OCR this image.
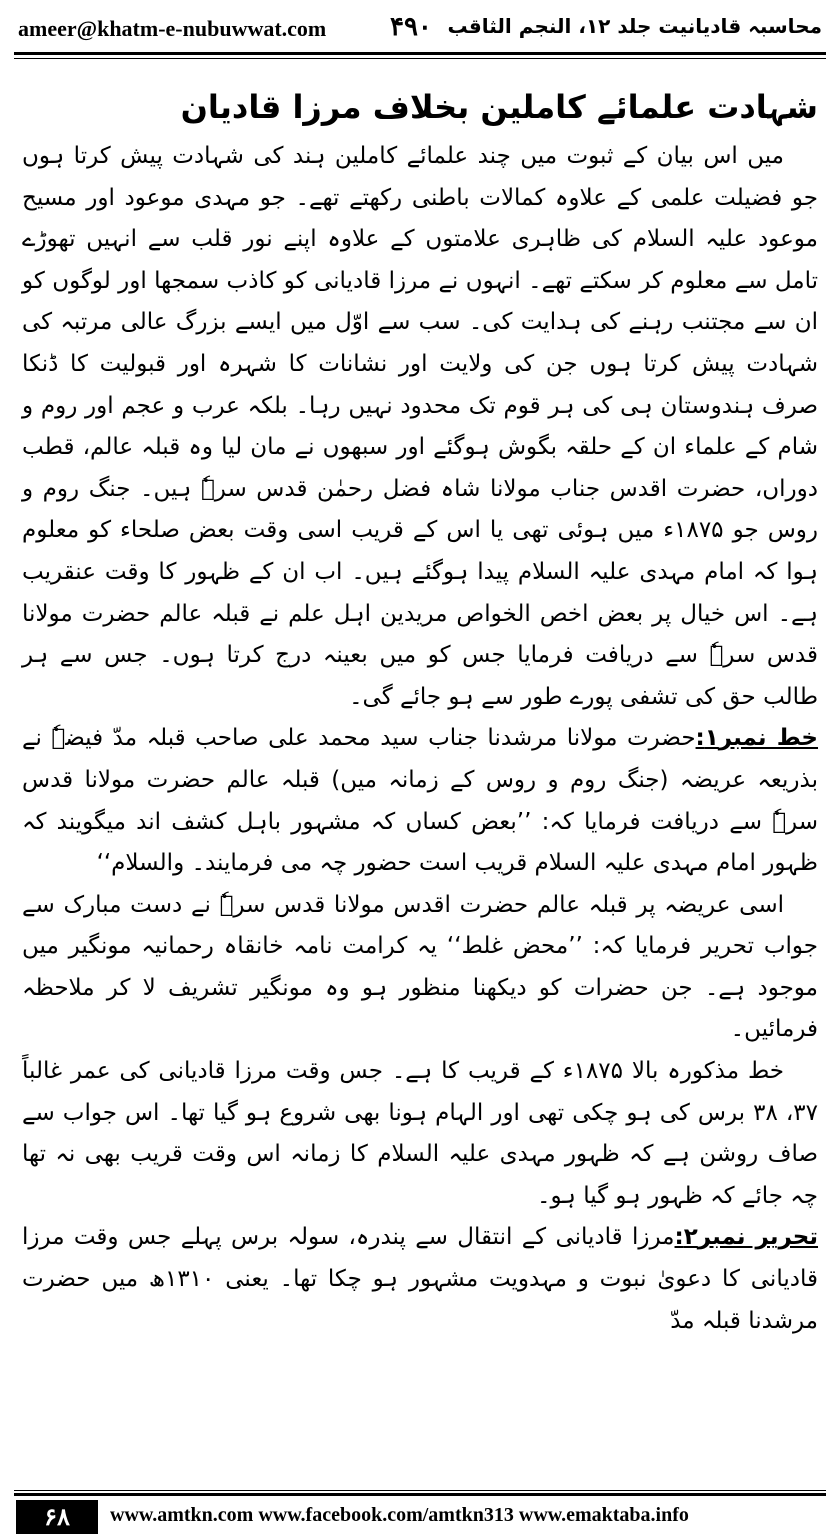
ameer@khatm-e-nubuwwat.com ۴۹۰ محاسبہ قادیانیت جلد ۱۲، النجم الثاقب
شہادت علمائے کاملین بخلاف مرزا قادیان

میں اس بیان کے ثبوت میں چند علمائے کاملین ہند کی شہادت پیش کرتا ہوں جو فضیلت علمی کے علاوہ کمالات باطنی رکھتے تھے۔ جو مہدی موعود اور مسیح موعود علیہ السلام کی ظاہری علامتوں کے علاوہ اپنے نور قلب سے انہیں تھوڑے تامل سے معلوم کر سکتے تھے۔ انہوں نے مرزا قادیانی کو کاذب سمجھا اور لوگوں کو ان سے مجتنب رہنے کی ہدایت کی۔ سب سے اوّل میں ایسے بزرگ عالی مرتبہ کی شہادت پیش کرتا ہوں جن کی ولایت اور نشانات کا شہرہ اور قبولیت کا ڈنکا صرف ہندوستان ہی کی ہر قوم تک محدود نہیں رہا۔ بلکہ عرب و عجم اور روم و شام کے علماء ان کے حلقہ بگوش ہوگئے اور سبھوں نے مان لیا وہ قبلہ عالم، قطب دوراں، حضرت اقدس جناب مولانا شاہ فضل رحمٰن قدس سرہٗ ہیں۔ جنگ روم و روس جو ۱۸۷۵ء میں ہوئی تھی یا اس کے قریب اسی وقت بعض صلحاء کو معلوم ہوا کہ امام مہدی علیہ السلام پیدا ہوگئے ہیں۔ اب ان کے ظہور کا وقت عنقریب ہے۔ اس خیال پر بعض اخص الخواص مریدین اہل علم نے قبلہ عالم حضرت مولانا قدس سرہٗ سے دریافت فرمایا جس کو میں بعینہ درج کرتا ہوں۔ جس سے ہر طالب حق کی تشفی پورے طور سے ہو جائے گی۔

خط نمبر۱:حضرت مولانا مرشدنا جناب سید محمد علی صاحب قبلہ مدّ فیضہٗ نے بذریعہ عریضہ (جنگ روم و روس کے زمانہ میں) قبلہ عالم حضرت مولانا قدس سرہٗ سے دریافت فرمایا کہ: ’’بعض کساں کہ مشہور باہل کشف اند میگویند کہ ظہور امام مہدی علیہ السلام قریب است حضور چہ می فرمایند۔ والسلام‘‘

اسی عریضہ پر قبلہ عالم حضرت اقدس مولانا قدس سرہٗ نے دست مبارک سے جواب تحریر فرمایا کہ: ’’محض غلط‘‘ یہ کرامت نامہ خانقاہ رحمانیہ مونگیر میں موجود ہے۔ جن حضرات کو دیکھنا منظور ہو وہ مونگیر تشریف لا کر ملاحظہ فرمائیں۔

خط مذکورہ بالا ۱۸۷۵ء کے قریب کا ہے۔ جس وقت مرزا قادیانی کی عمر غالباً ۳۷، ۳۸ برس کی ہو چکی تھی اور الہام ہونا بھی شروع ہو گیا تھا۔ اس جواب سے صاف روشن ہے کہ ظہور مہدی علیہ السلام کا زمانہ اس وقت قریب بھی نہ تھا چہ جائے کہ ظہور ہو گیا ہو۔

تحریر نمبر۲:مرزا قادیانی کے انتقال سے پندرہ، سولہ برس پہلے جس وقت مرزا قادیانی کا دعویٰ نبوت و مہدویت مشہور ہو چکا تھا۔ یعنی ۱۳۱۰ھ میں حضرت مرشدنا قبلہ مدّ

۶۸	www.amtkn.com www.facebook.com/amtkn313 www.emaktaba.info
